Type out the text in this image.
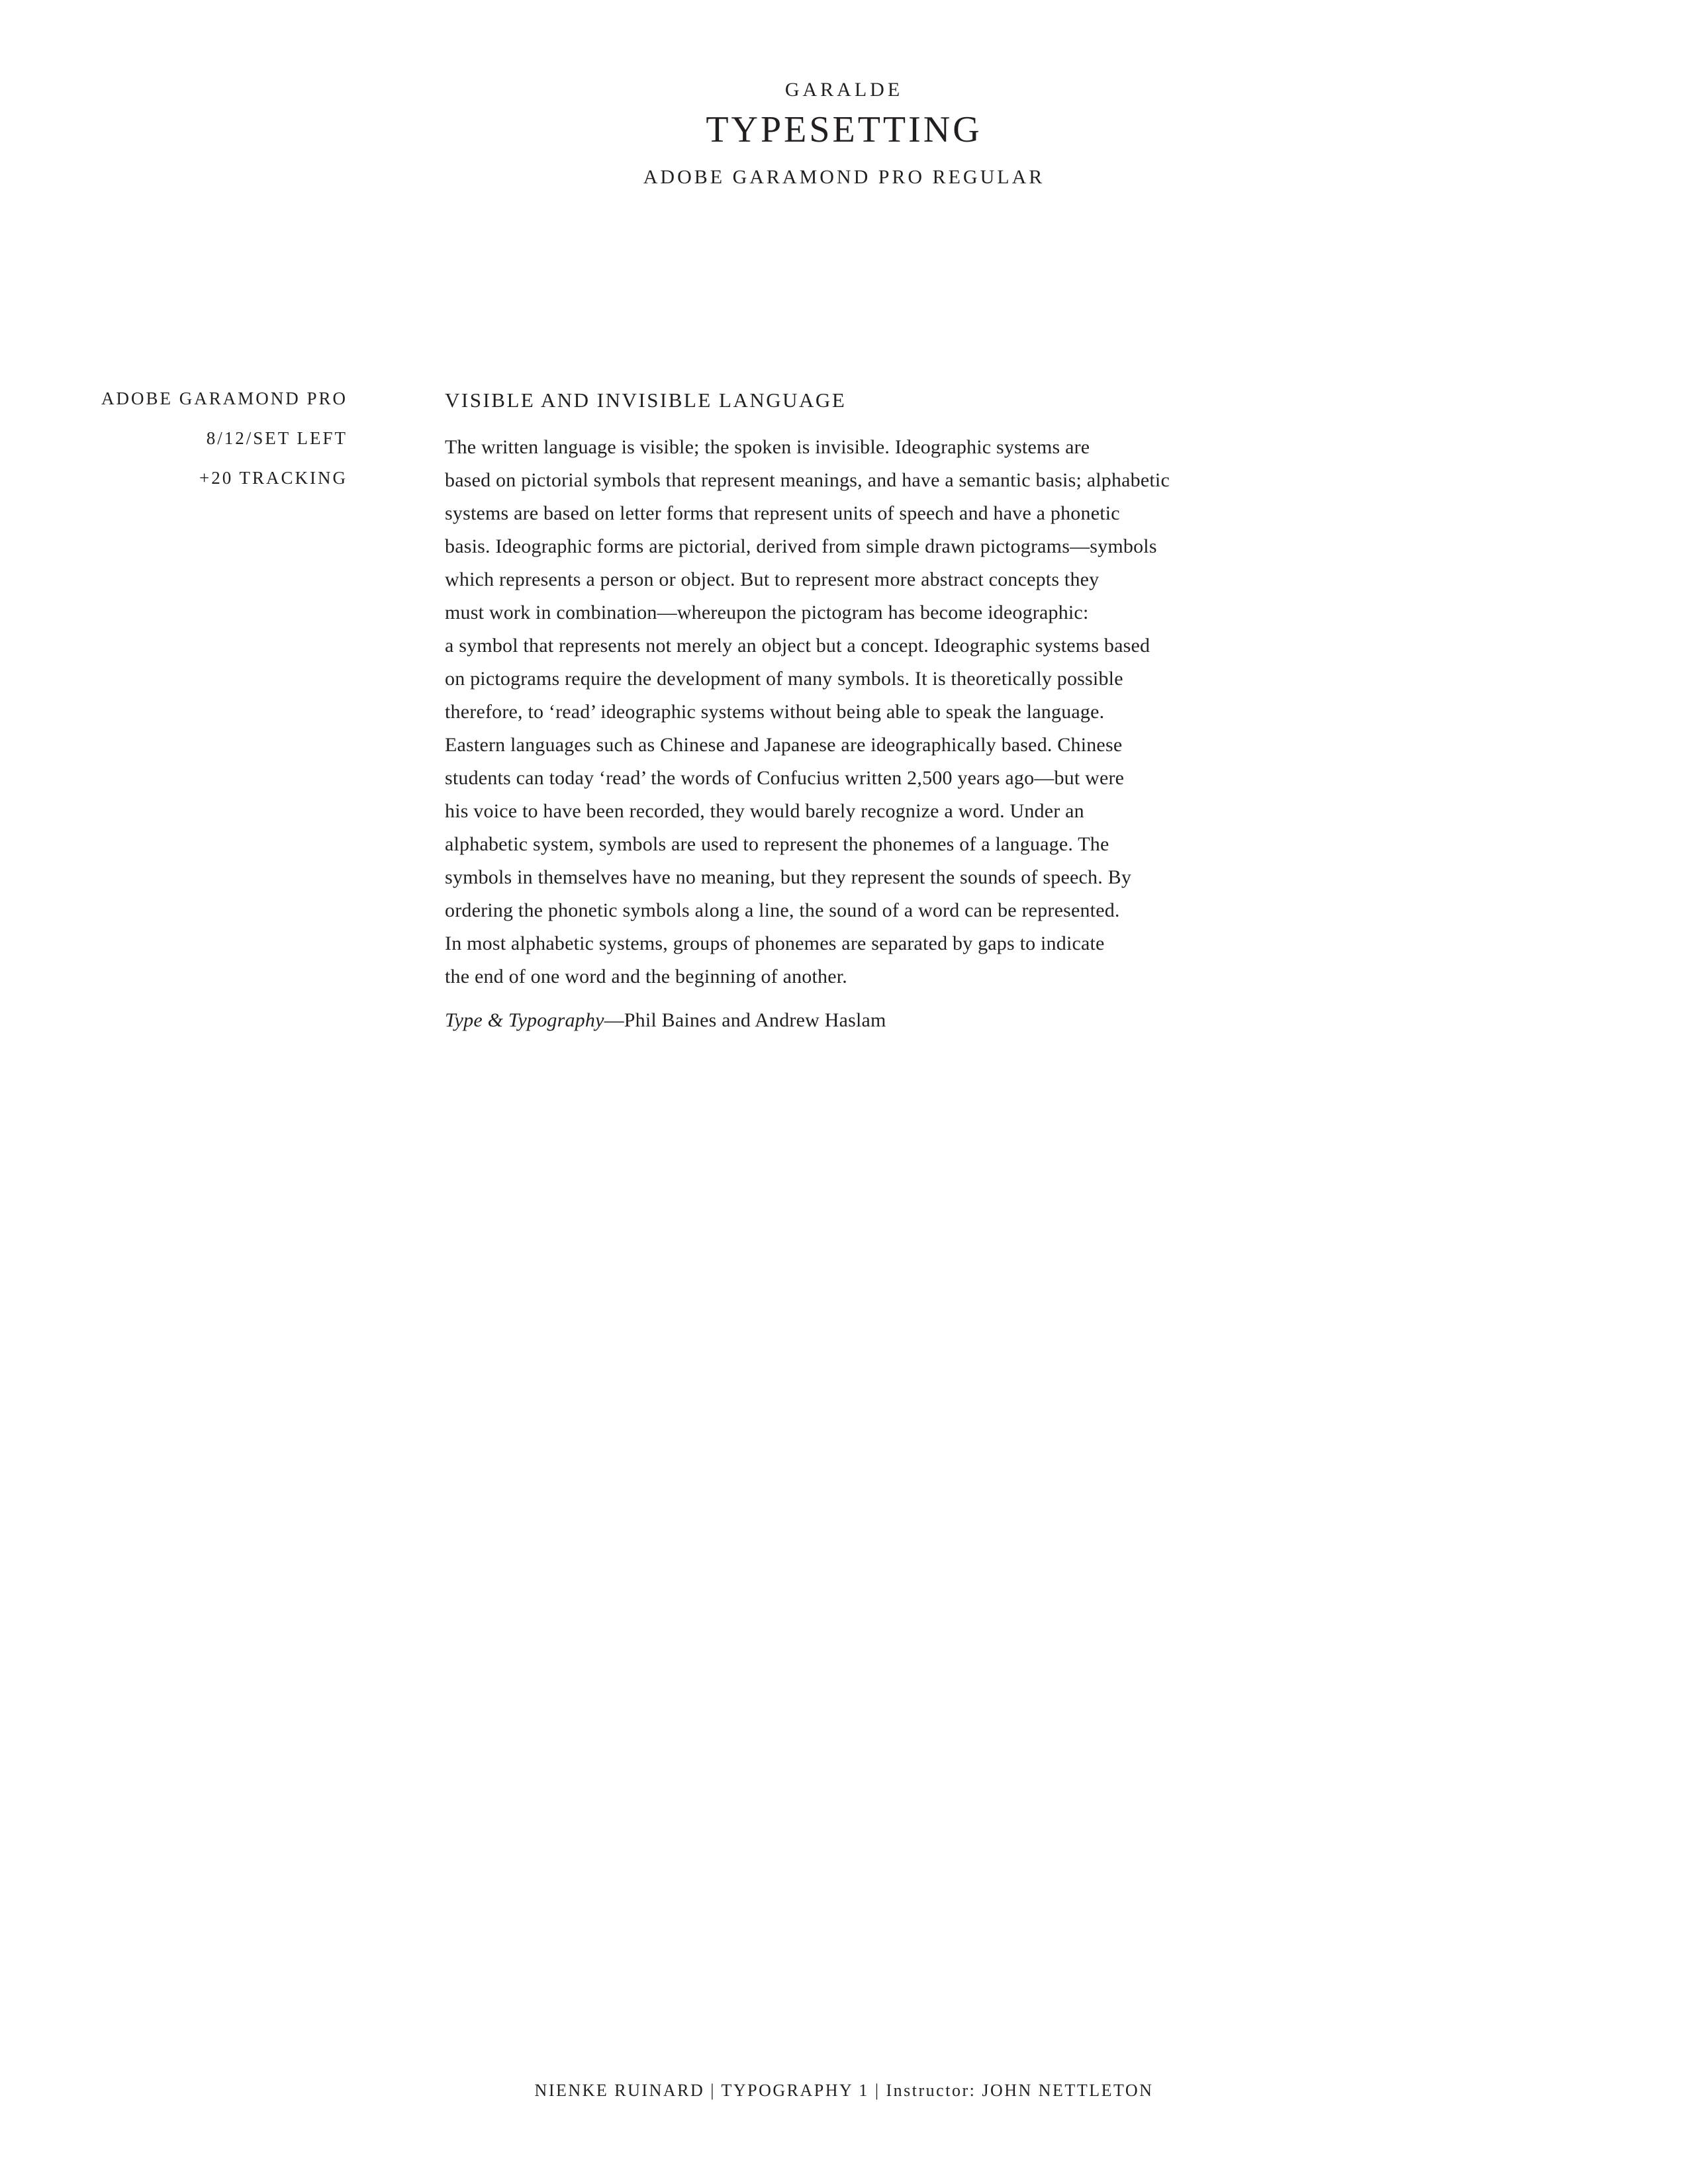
GARALDE
TYPESETTING
ADOBE GARAMOND PRO REGULAR
ADOBE GARAMOND PRO
8/12/SET LEFT
+20 TRACKING
VISIBLE AND INVISIBLE LANGUAGE
The written language is visible; the spoken is invisible. Ideographic systems are
based on pictorial symbols that represent meanings, and have a semantic basis; alphabetic
systems are based on letter forms that represent units of speech and have a phonetic
basis. Ideographic forms are pictorial, derived from simple drawn pictograms—symbols
which represents a person or object. But to represent more abstract concepts they
must work in combination—whereupon the pictogram has become ideographic:
a symbol that represents not merely an object but a concept. Ideographic systems based
on pictograms require the development of many symbols. It is theoretically possible
therefore, to ‘read’ ideographic systems without being able to speak the language.
Eastern languages such as Chinese and Japanese are ideographically based. Chinese
students can today ‘read’ the words of Confucius written 2,500 years ago—but were
his voice to have been recorded, they would barely recognize a word. Under an
alphabetic system, symbols are used to represent the phonemes of a language. The
symbols in themselves have no meaning, but they represent the sounds of speech. By
ordering the phonetic symbols along a line, the sound of a word can be represented.
In most alphabetic systems, groups of phonemes are separated by gaps to indicate
the end of one word and the beginning of another.
Type & Typography—Phil Baines and Andrew Haslam
NIENKE RUINARD | TYPOGRAPHY 1 | Instructor: JOHN NETTLETON
